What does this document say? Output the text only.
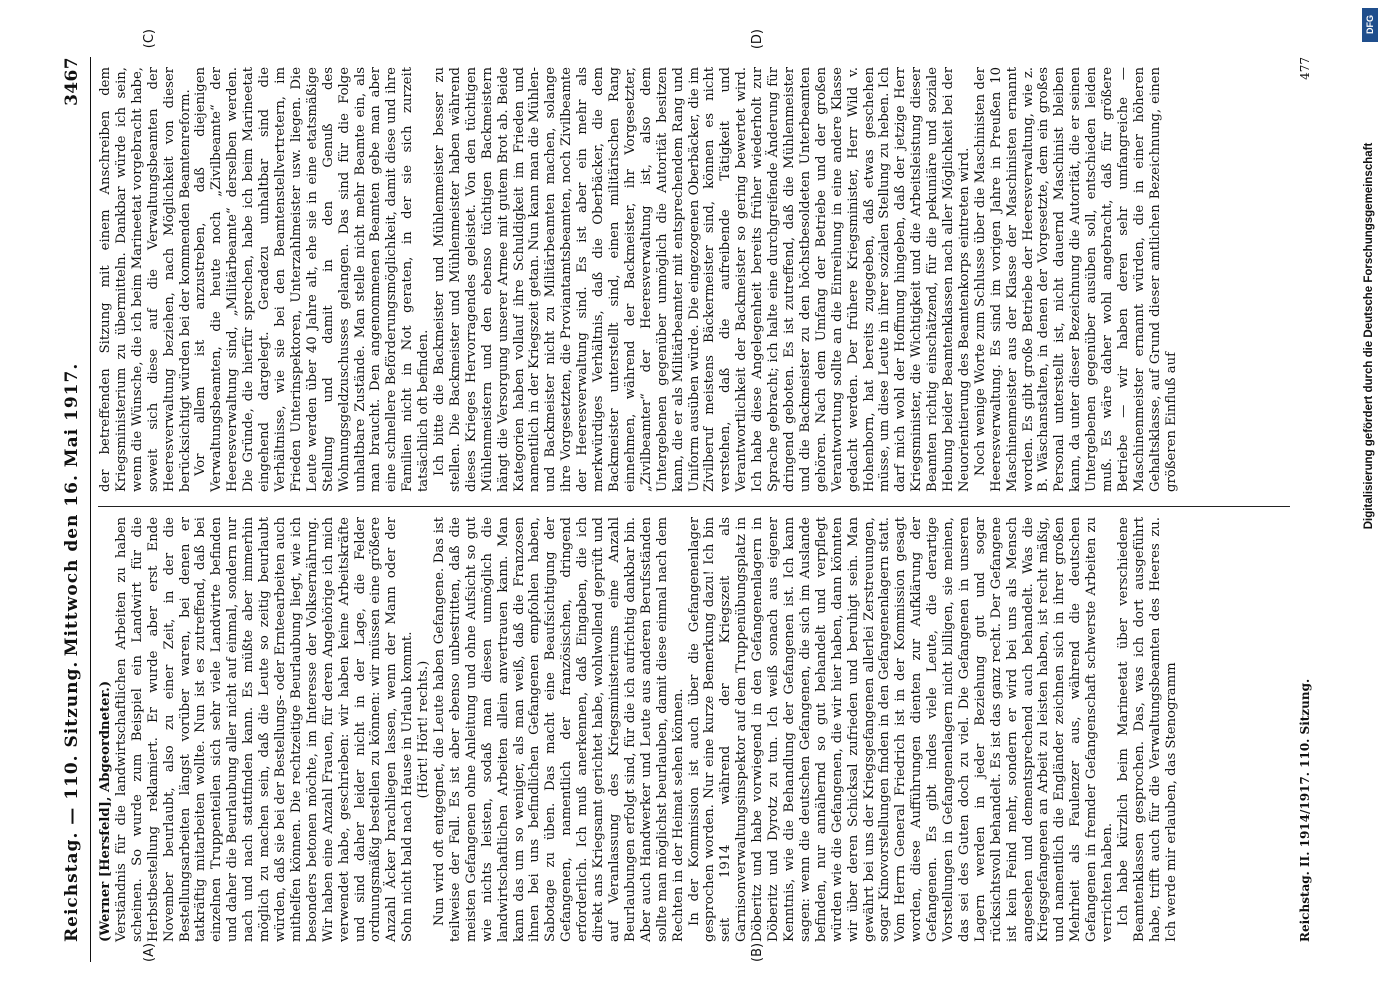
Reichstag. — 110. Sitzung.
Mittwoch den 16. Mai 1917.
3467
(A)	(B)
(C)	(D)

(Werner [Hersfeld], Abgeordneter.) Verständnis für die landwirtschaftlichen Arbeiten zu haben scheinen. So wurde zum Beispiel ein Landwirt für die Herbstbestellung reklamiert. Er wurde aber erst Ende November beurlaubt, also zu einer Zeit, in der die Bestellungsarbeiten längst vorüber waren, bei denen er tatkräftig mitarbeiten wollte. Nun ist es zutreffend, daß bei einzelnen Truppenteilen sich sehr viele Landwirte befinden und daher die Beurlaubung aller nicht auf einmal, sondern nur nach und nach stattfinden kann. Es müßte aber immerhin möglich zu machen sein, daß die Leute so zeitig beurlaubt würden, daß sie bei der Bestellungs- oder Ernteearbeiten auch mithelfen können. Die rechtzeitige Beurlaubung liegt, wie ich besonders betonen möchte, im Interesse der Volksernährung. Wir haben eine Anzahl Frauen, für deren Angehörige ich mich verwendet habe, geschrieben: wir haben keine Arbeitskräfte und sind daher leider nicht in der Lage, die Felder ordnungsmäßig bestellen zu können: wir müssen eine größere Anzahl Äcker brachliegen lassen, wenn der Mann oder der Sohn nicht bald nach Hause in Urlaub kommt. (Hört! Hört! rechts.) Nun wird oft entgegnet, die Leute haben Gefangene. Das ist teilweise der Fall. Es ist aber ebenso unbestritten, daß die meisten Gefangenen ohne Anleitung und ohne Aufsicht so gut wie nichts leisten, sodaß man diesen unmöglich die landwirtschaftlichen Arbeiten allein anvertrauen kann. Man kann das um so weniger, als man weiß, daß die Franzosen ihnen bei uns befindlichen Gefangenen empfohlen haben, Sabotage zu üben. Das macht eine Beaufsichtigung der Gefangenen, namentlich der französischen, dringend erforderlich. Ich muß anerkennen, daß Eingaben, die ich direkt ans Kriegsamt gerichtet habe, wohlwollend geprüft und auf Veranlassung des Kriegsministeriums eine Anzahl Beurlaubungen erfolgt sind, für die ich aufrichtig dankbar bin. Aber auch Handwerker und Leute aus anderen Berufsständen sollte man möglichst beurlauben, damit diese einmal nach dem Rechten in der Heimat sehen können. In der Kommission ist auch über die Gefangenenlager gesprochen worden. Nur eine kurze Bemerkung dazu! Ich bin seit 1914 während der Kriegszeit als Garnisonverwaltungsinspektor auf dem Truppenübungsplatz in Döberitz und habe vorwiegend in den Gefangenenlagern in Döberitz und Dyrotz zu tun. Ich weiß sonach aus eigener Kenntnis, wie die Behandlung der Gefangenen ist. Ich kann sagen: wenn die deutschen Gefangenen, die sich im Auslande befinden, nur annähernd so gut behandelt und verpflegt würden wie die Gefangenen, die wir hier haben, dann könnten wir über deren Schicksal zufrieden und beruhigt sein. Man gewährt bei uns der Kriegsgefangenen allerlei Zerstreuungen, sogar Kinovorstellungen finden in den Gefangenenlagern statt. Vom Herrn General Friedrich ist in der Kommission gesagt worden, diese Aufführungen dienten zur Aufklärung der Gefangenen. Es gibt indes viele Leute, die derartige Vorstellungen in Gefangenenlagern nicht billigen, sie meinen, das sei des Guten doch zu viel. Die Gefangenen in unseren Lagern werden in jeder Beziehung gut und sogar rücksichtsvoll behandelt. Es ist das ganz recht. Der Gefangene ist kein Feind mehr, sondern er wird bei uns als Mensch angesehen und dementsprechend auch behandelt. Was die Kriegsgefangenen an Arbeit zu leisten haben, ist recht mäßig, und namentlich die Engländer zeichnen sich in ihrer großen Mehrheit als Faulenzer aus, während die deutschen Gefangenen in fremder Gefangenschaft schwerste Arbeiten zu verrichten haben. Ich habe kürzlich beim Marineetat über verschiedene Beamtenklassen gesprochen. Das, was ich dort ausgeführt habe, trifft auch für die Verwaltungsbeamten des Heeres zu. Ich werde mir erlauben, das Stenogramm

der betreffenden Sitzung mit einem Anschreiben dem Kriegsministerium zu übermitteln. Dankbar würde ich sein, wenn die Wünsche, die ich beim Marineetat vorgebracht habe, soweit sich diese auf die Verwaltungsbeamten der Heeresverwaltung beziehen, nach Möglichkeit von dieser berücksichtigt würden bei der kommenden Beamtenreform. Vor allem ist anzustreben, daß diejenigen Verwaltungsbeamten, die heute noch „Zivilbeamte“ der Heeresverwaltung sind, „Militärbeamte“ derselben werden. Die Gründe, die hierfür sprechen, habe ich beim Marineetat eingehend dargelegt. Geradezu unhaltbar sind die Verhältnisse, wie sie bei den Beamtenstellvertretern, im Frieden Unterinspektoren, Unterzahlmeister usw. liegen. Die Leute werden über 40 Jahre alt, ehe sie in eine etatsmäßige Stellung und damit in den Genuß des Wohnungsgeldzuschusses gelangen. Das sind für die Folge unhaltbare Zustände. Man stelle nicht mehr Beamte ein, als man braucht. Den angenommenen Beamten gebe man aber eine schnellere Beförderungsmöglichkeit, damit diese und ihre Familien nicht in Not geraten, in der sie sich zurzeit tatsächlich oft befinden. Ich bitte die Backmeister und Mühlenmeister besser zu stellen. Die Backmeister und Mühlenmeister haben während dieses Krieges Hervorragendes geleistet. Von den tüchtigen Mühlenmeistern und den ebenso tüchtigen Backmeistern hängt die Versorgung unserer Armee mit gutem Brot ab. Beide Kategorien haben vollauf ihre Schuldigkeit im Frieden und namentlich in der Kriegszeit getan. Nun kann man die Mühlen- und Backmeister nicht zu Militärbeamten machen, solange ihre Vorgesetzten, die Proviantamtsbeamten, noch Zivilbeamte der Heeresverwaltung sind. Es ist aber ein mehr als merkwürdiges Verhältnis, daß die Oberbäcker, die dem Backmeister unterstellt sind, einen militärischen Rang einnehmen, während der Backmeister, ihr Vorgesetzter, „Zivilbeamter“ der Heeresverwaltung ist, also dem Untergebenen gegenüber unmöglich die Autorität besitzen kann, die er als Militärbeamter mit entsprechendem Rang und Uniform ausüben würde. Die eingezogenen Oberbäcker, die im Zivilberuf meistens Bäckermeister sind, können es nicht verstehen, daß die aufreibende Tätigkeit und Verantwortlichkeit der Backmeister so gering bewertet wird. Ich habe diese Angelegenheit bereits früher wiederholt zur Sprache gebracht; ich halte eine durchgreifende Änderung für dringend geboten. Es ist zutreffend, daß die Mühlenmeister und die Backmeister zu den höchstbesoldeten Unterbeamten gehören. Nach dem Umfang der Betriebe und der großen Verantwortung sollte an die Einreihung in eine andere Klasse gedacht werden. Der frühere Kriegsminister, Herr Wild v. Hohenborn, hat bereits zugegeben, daß etwas geschehen müsse, um diese Leute in ihrer sozialen Stellung zu heben. Ich darf mich wohl der Hoffnung hingeben, daß der jetzige Herr Kriegsminister, die Wichtigkeit und die Arbeitsleistung dieser Beamten richtig einschätzend, für die pekuniäre und soziale Hebung beider Beamtenklassen nach aller Möglichkeit bei der Neuorientierung des Beamtenkorps eintreten wird. Noch wenige Worte zum Schlusse über die Maschinisten der Heeresverwaltung. Es sind im vorigen Jahre in Preußen 10 Maschinenmeister aus der Klasse der Maschinisten ernannt worden. Es gibt große Betriebe der Heeresverwaltung, wie z. B. Wäschanstalten, in denen der Vorgesetzte, dem ein großes Personal unterstellt ist, nicht dauernd Maschinist bleiben kann, da unter dieser Bezeichnung die Autorität, die er seinen Untergebenen gegenüber ausüben soll, entschieden leiden muß. Es wäre daher wohl angebracht, daß für größere Betriebe — wir haben deren sehr umfangreiche — Maschinenmeister ernannt würden, die in einer höheren Gehaltsklasse, auf Grund dieser amtlichen Bezeichnung, einen größeren Einfluß auf

Reichstag. II. 1914/1917. 110. Sitzung.
477
DFG
Digitalisierung gefördert durch die Deutsche Forschungsgemeinschaft
